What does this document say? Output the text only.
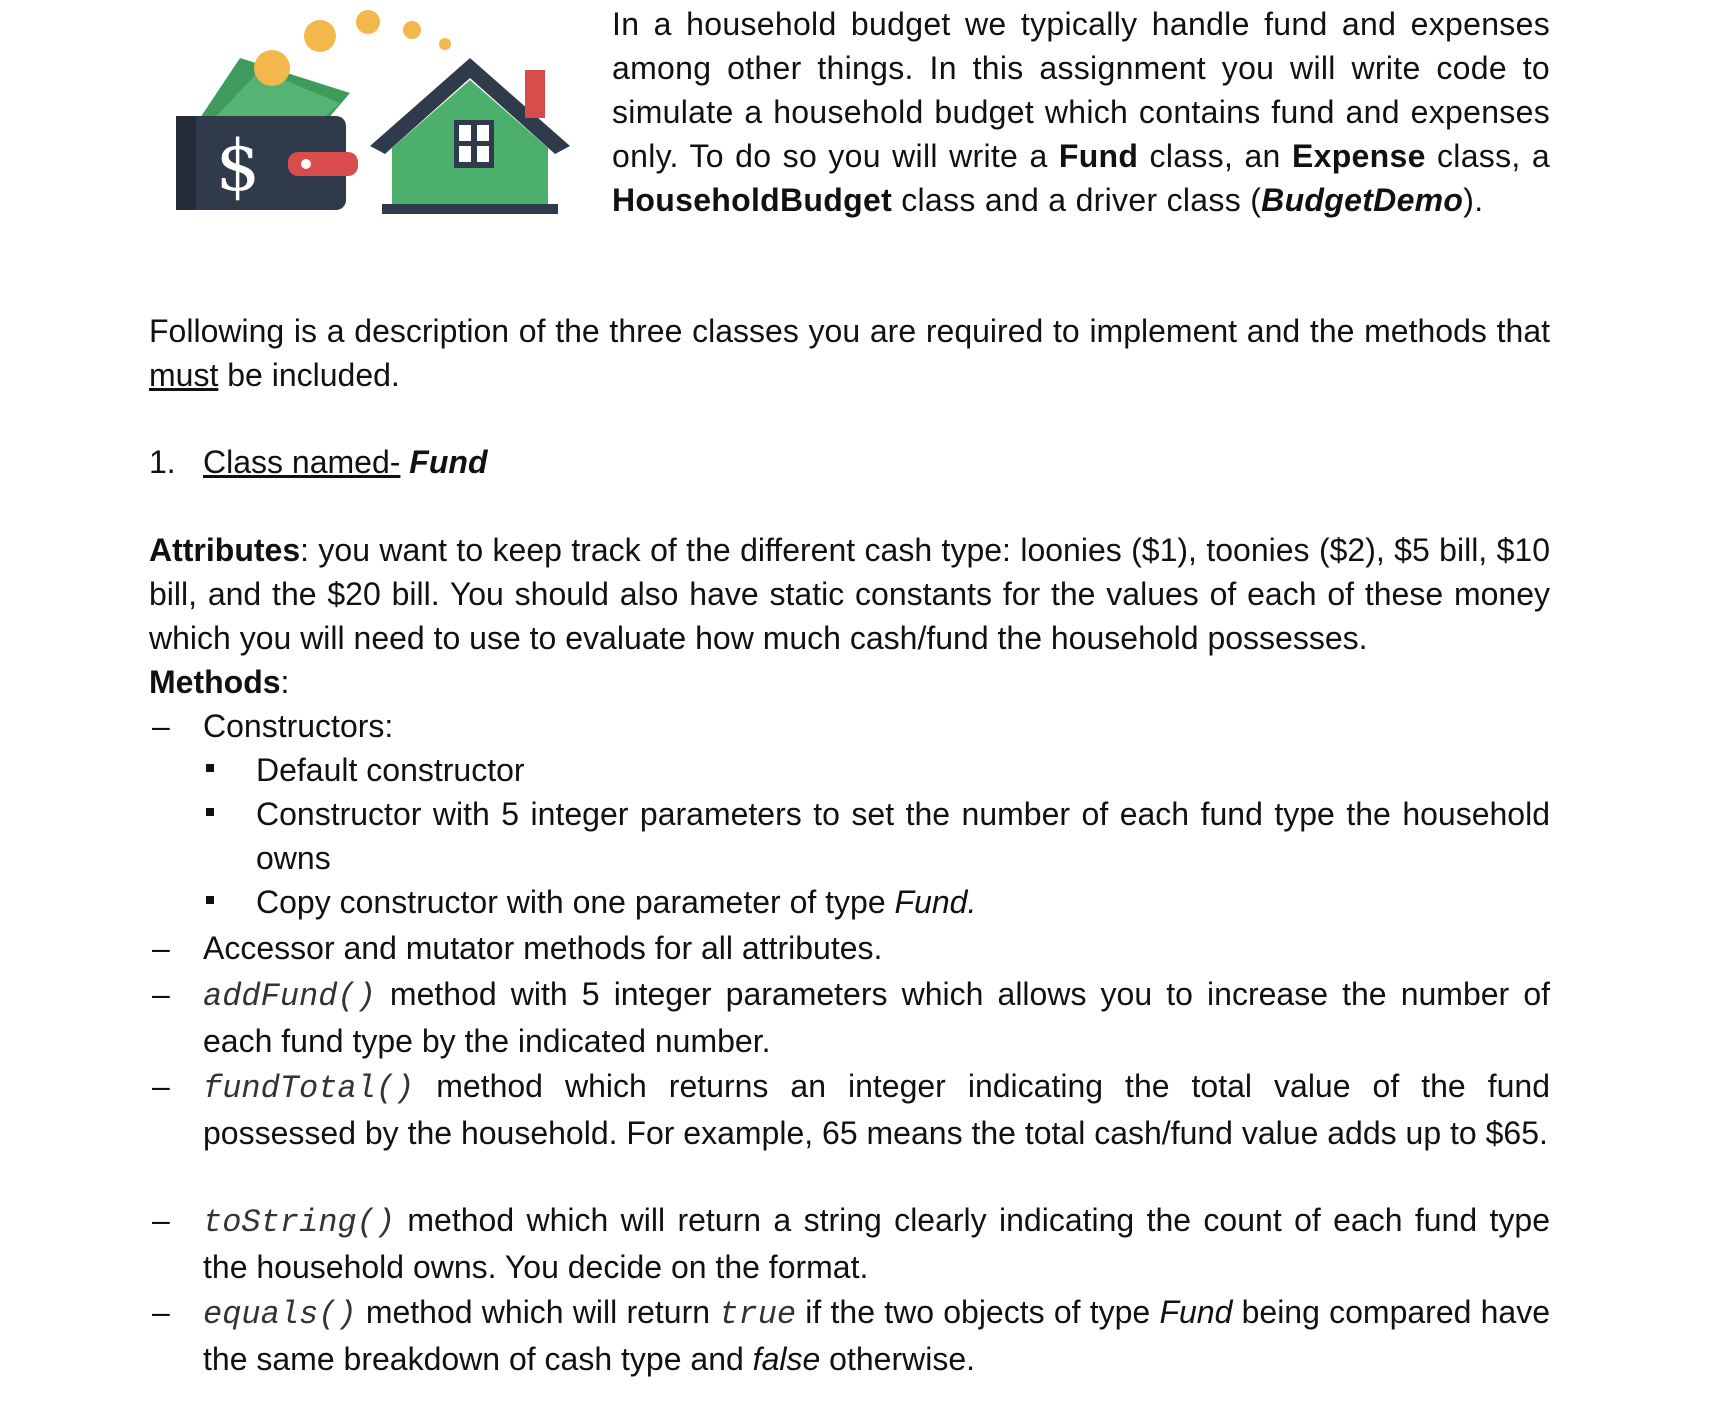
$
In a household budget we typically handle fund and expenses among other things. In this assignment you will write code to simulate a household budget which contains fund and expenses only. To do so you will write a Fund class, an Expense class, a HouseholdBudget class and a driver class (BudgetDemo).
Following is a description of the three classes you are required to implement and the methods that must be included.
1. Class named- Fund
Attributes: you want to keep track of the different cash type: loonies ($1), toonies ($2), $5 bill, $10 bill, and the $20 bill. You should also have static constants for the values of each of these money which you will need to use to evaluate how much cash/fund the household possesses.
Methods:
– Constructors:
Default constructor
Constructor with 5 integer parameters to set the number of each fund type the household owns
Copy constructor with one parameter of type Fund.
– Accessor and mutator methods for all attributes.
– addFund() method with 5 integer parameters which allows you to increase the number of each fund type by the indicated number.
– fundTotal() method which returns an integer indicating the total value of the fund possessed by the household. For example, 65 means the total cash/fund value adds up to $65.
– toString() method which will return a string clearly indicating the count of each fund type the household owns. You decide on the format.
– equals() method which will return true if the two objects of type Fund being compared have the same breakdown of cash type and false otherwise.
